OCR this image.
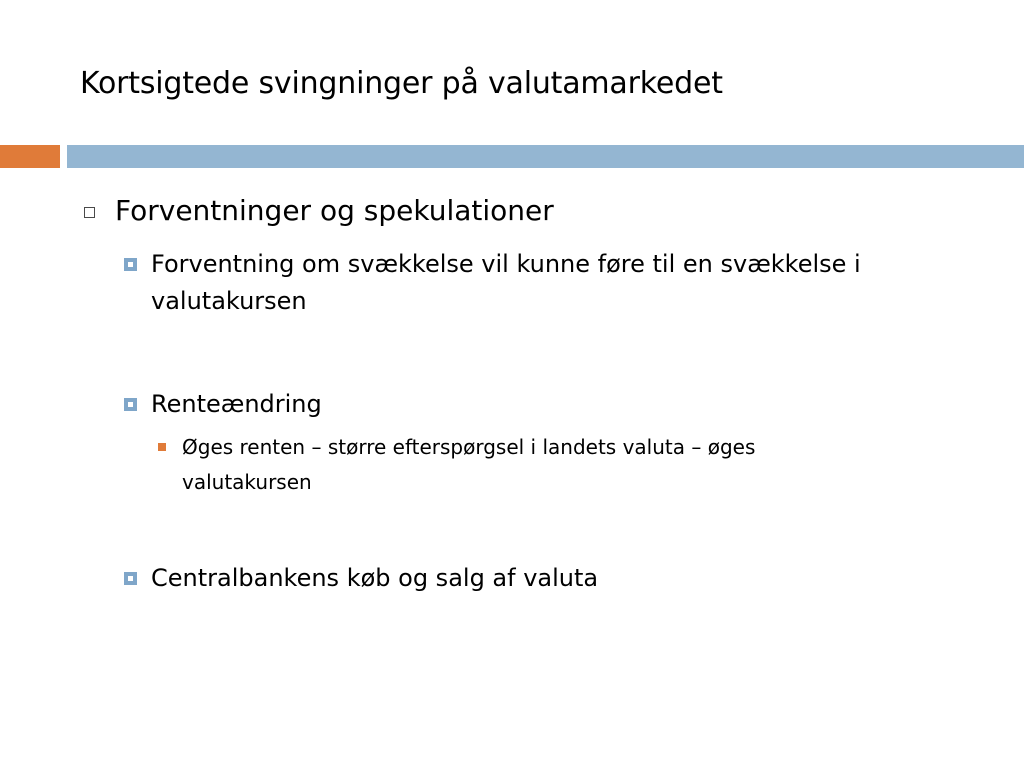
Kortsigtede svingninger på valutamarkedet
Forventninger og spekulationer
Forventning om svækkelse vil kunne føre til en svækkelse i valutakursen
Renteændring
Øges renten – større efterspørgsel i landets valuta – øges valutakursen
Centralbankens køb og salg af valuta
